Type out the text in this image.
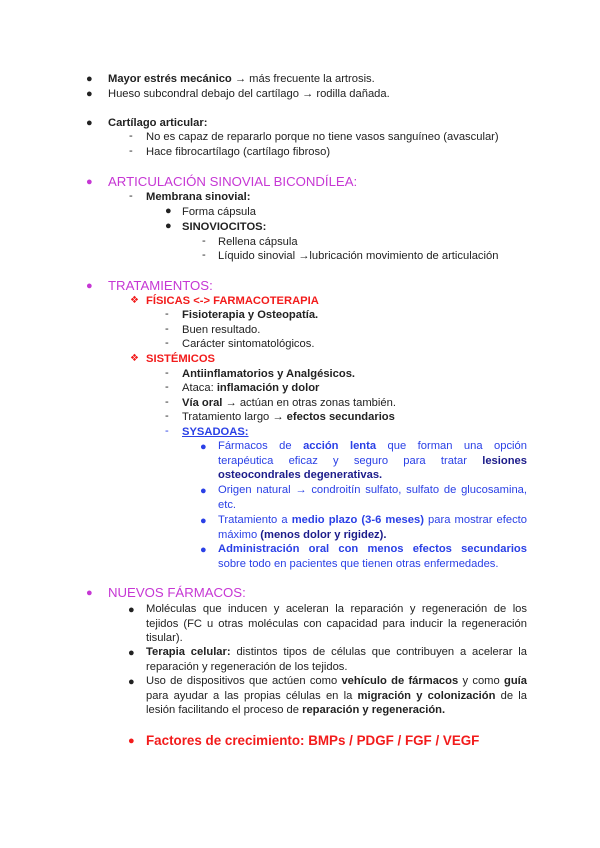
● Mayor estrés mecánico → más frecuente la artrosis.
● Hueso subcondral debajo del cartílago → rodilla dañada.
● Cartílago articular:
- No es capaz de repararlo porque no tiene vasos sanguíneo (avascular)
- Hace fibrocartílago (cartílago fibroso)
● ARTICULACIÓN SINOVIAL BICONDÍLEA:
- Membrana sinovial:
● Forma cápsula
● SINOVIOCITOS:
- Rellena cápsula
- Líquido sinovial →lubricación movimiento de articulación
● TRATAMIENTOS:
❖ FÍSICAS <-> FARMACOTERAPIA
- Fisioterapia y Osteopatía.
- Buen resultado.
- Carácter sintomatológicos.
❖ SISTÉMICOS
- Antiinflamatorios y Analgésicos.
- Ataca: inflamación y dolor
- Vía oral → actúan en otras zonas también.
- Tratamiento largo → efectos secundarios
- SYSADOAS:
● Fármacos de acción lenta que forman una opción terapéutica eficaz y seguro para tratar lesiones osteocondrales degenerativas.
● Origen natural → condroitín sulfato, sulfato de glucosamina, etc.
● Tratamiento a medio plazo (3-6 meses) para mostrar efecto máximo (menos dolor y rigidez).
● Administración oral con menos efectos secundarios sobre todo en pacientes que tienen otras enfermedades.
● NUEVOS FÁRMACOS:
● Moléculas que inducen y aceleran la reparación y regeneración de los tejidos (FC u otras moléculas con capacidad para inducir la regeneración tisular).
● Terapia celular: distintos tipos de células que contribuyen a acelerar la reparación y regeneración de los tejidos.
● Uso de dispositivos que actúen como vehículo de fármacos y como guía para ayudar a las propias células en la migración y colonización de la lesión facilitando el proceso de reparación y regeneración.
● Factores de crecimiento: BMPs / PDGF / FGF / VEGF
